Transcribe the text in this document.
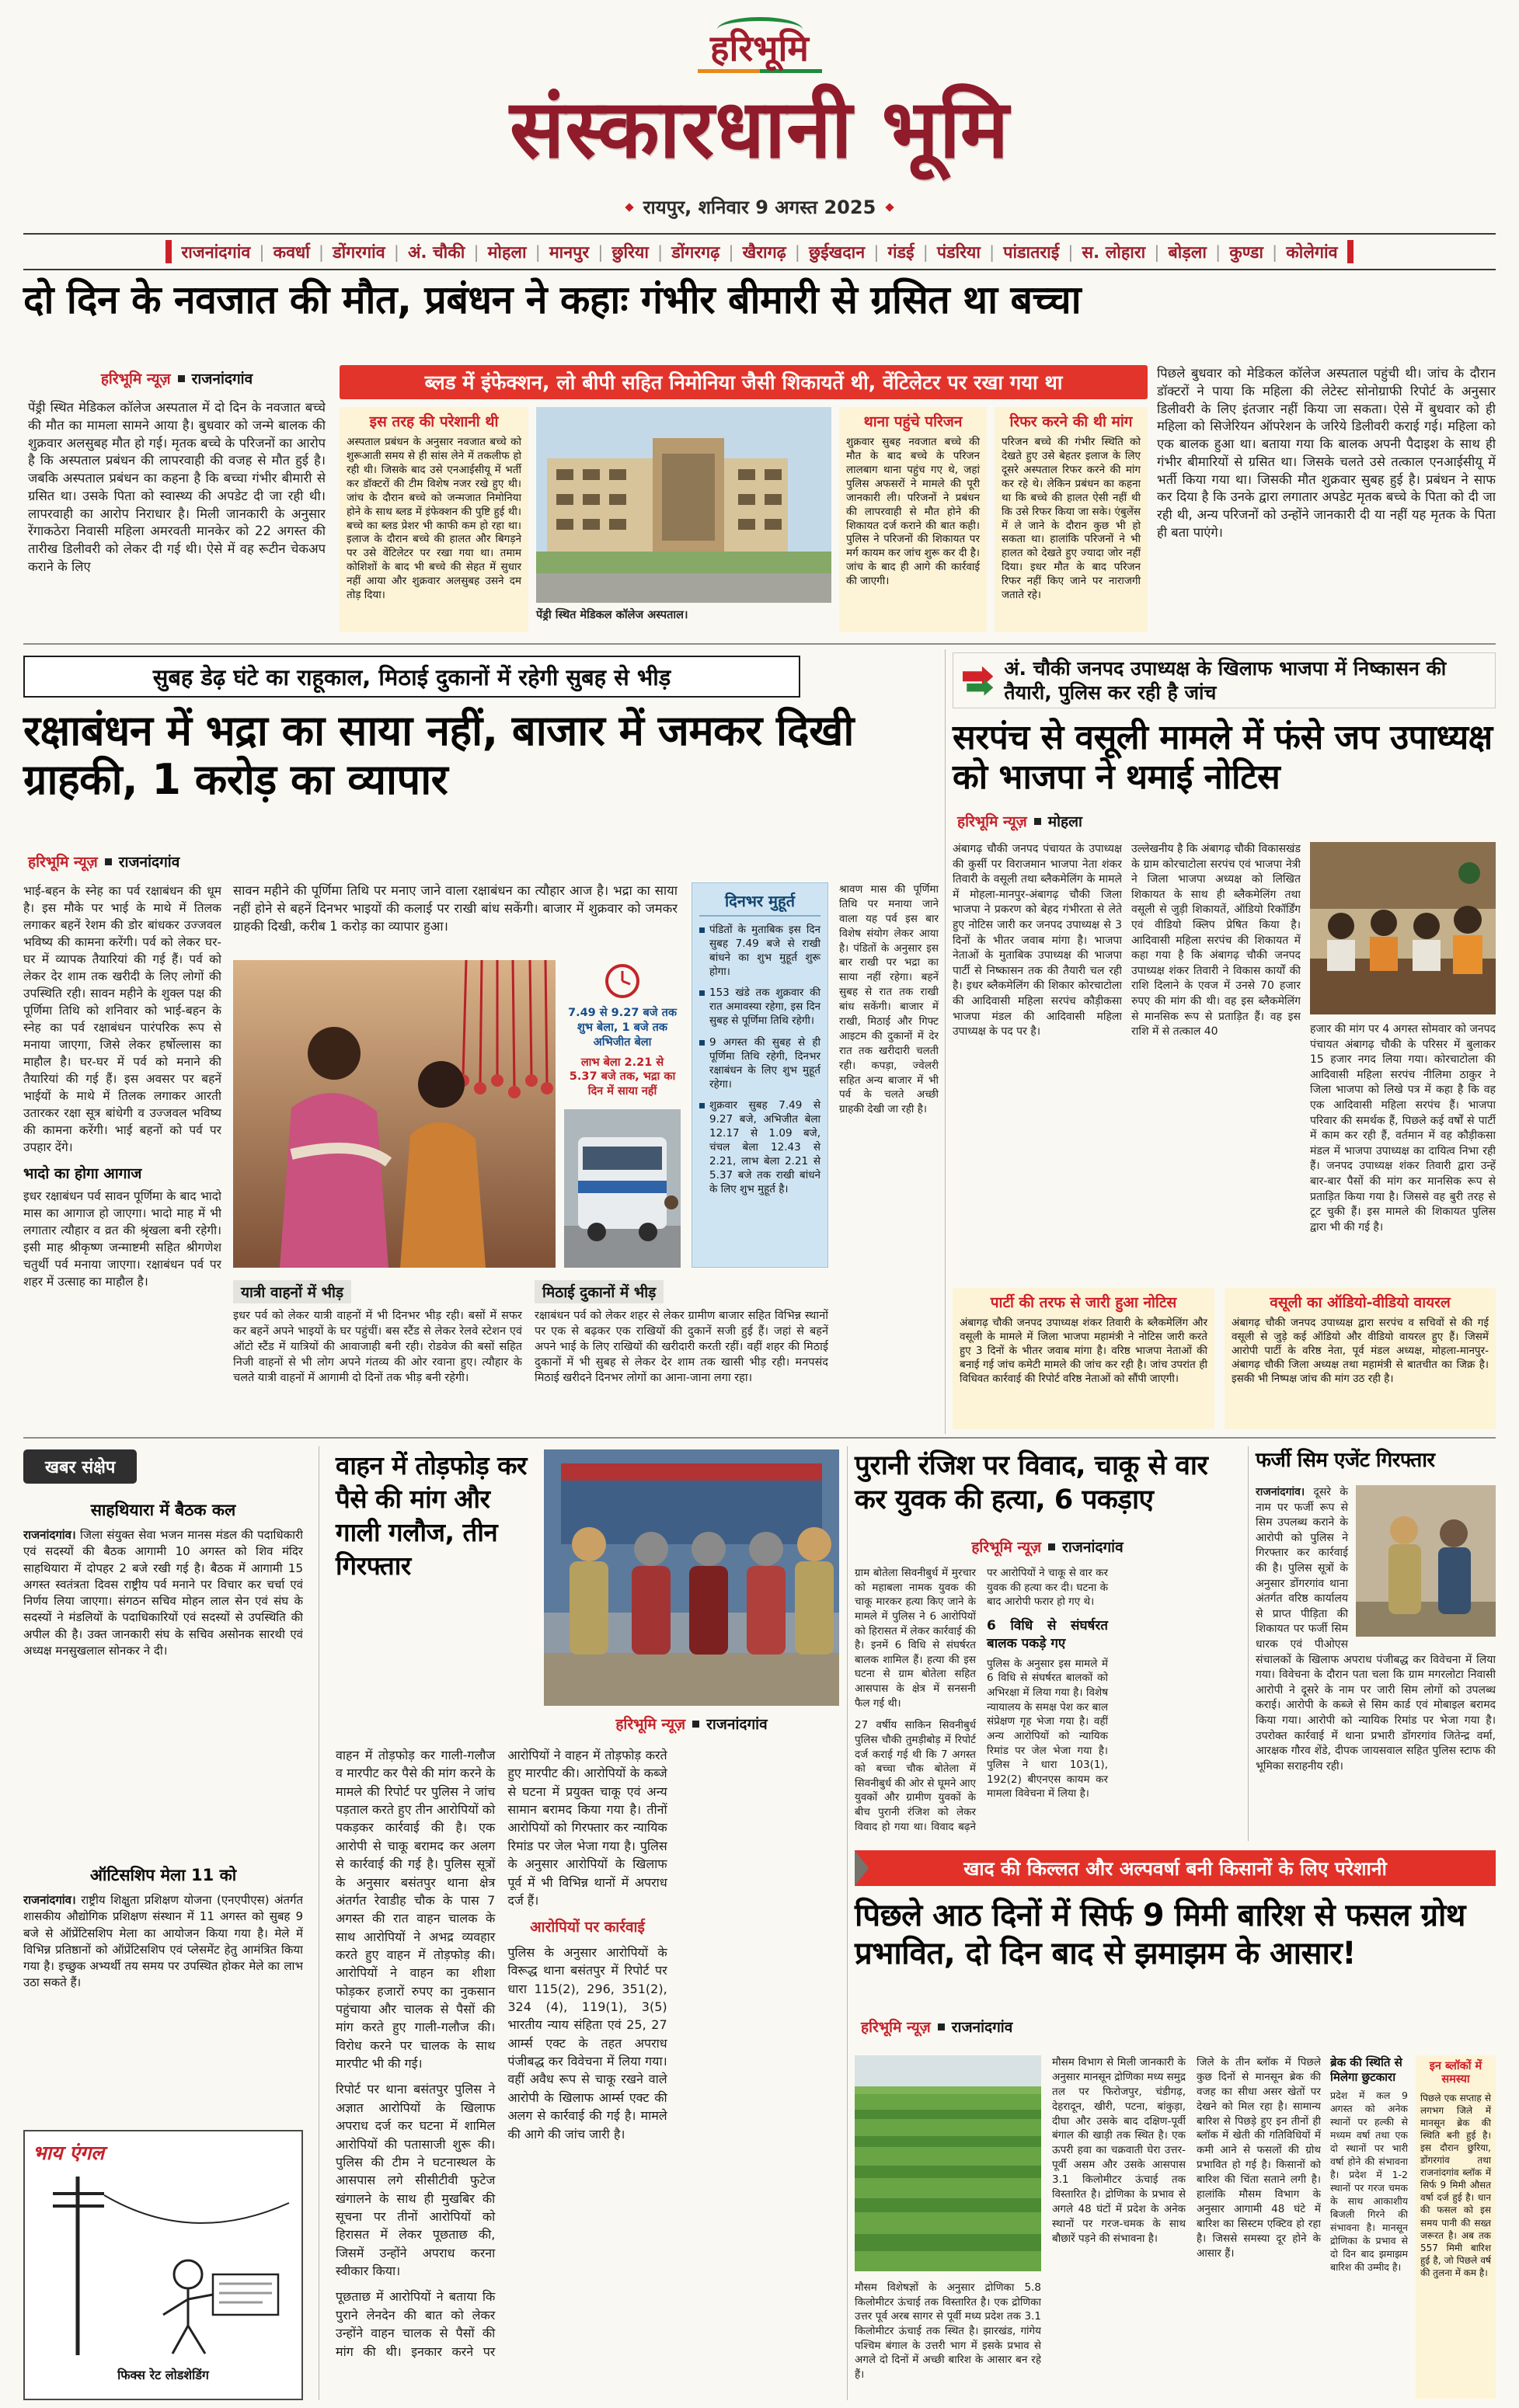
हरिभूमि
संस्कारधानी भूमि
रायपुर, शनिवार 9 अगस्त 2025
राजनांदगांव	| कवर्धा	| डोंगरगांव	| अं. चौकी	| मोहला	| मानपुर	| छुरिया	| डोंगरगढ़	| खैरागढ़	| छुईखदान	| गंडई	| पंडरिया	| पांडातराई	| स. लोहारा	| बोड़ला	| कुण्डा	| कोलेगांव
दो दिन के नवजात की मौत, प्रबंधन ने कहाः गंभीर बीमारी से ग्रसित था बच्चा
हरिभूमि न्यूज़ राजनांदगांव
पेंड्री स्थित मेडिकल कॉलेज अस्पताल में दो दिन के नवजात बच्चे की मौत का मामला सामने आया है। बुधवार को जन्मे बालक की शुक्रवार अलसुबह मौत हो गई। मृतक बच्चे के परिजनों का आरोप है कि अस्पताल प्रबंधन की लापरवाही की वजह से मौत हुई है। जबकि अस्पताल प्रबंधन का कहना है कि बच्चा गंभीर बीमारी से ग्रसित था। उसके पिता को स्वास्थ्य की अपडेट दी जा रही थी। लापरवाही का आरोप निराधार है। मिली जानकारी के अनुसार रेंगाकठेरा निवासी महिला अमरवती मानकेर को 22 अगस्त की तारीख डिलीवरी को लेकर दी गई थी। ऐसे में वह रूटीन चेकअप कराने के लिए
ब्लड में इंफेक्शन, लो बीपी सहित निमोनिया जैसी शिकायतें थी, वेंटिलेटर पर रखा गया था
इस तरह की परेशानी थी

अस्पताल प्रबंधन के अनुसार नवजात बच्चे को शुरूआती समय से ही सांस लेने में तकलीफ हो रही थी। जिसके बाद उसे एनआईसीयू में भर्ती कर डॉक्टरों की टीम विशेष नजर रखे हुए थी। जांच के दौरान बच्चे को जन्मजात निमोनिया होने के साथ ब्लड में इंफेक्शन की पुष्टि हुई थी। बच्चे का ब्लड प्रेशर भी काफी कम हो रहा था। इलाज के दौरान बच्चे की हालत और बिगड़ने पर उसे वेंटिलेटर पर रखा गया था। तमाम कोशिशों के बाद भी बच्चे की सेहत में सुधार नहीं आया और शुक्रवार अलसुबह उसने दम तोड़ दिया।

पेंड्री स्थित मेडिकल कॉलेज अस्पताल।
थाना पहुंचे परिजन

शुक्रवार सुबह नवजात बच्चे की मौत के बाद बच्चे के परिजन लालबाग थाना पहुंच गए थे, जहां पुलिस अफसरों ने मामले की पूरी जानकारी ली। परिजनों ने प्रबंधन की लापरवाही से मौत होने की शिकायत दर्ज कराने की बात कही। पुलिस ने परिजनों की शिकायत पर मर्ग कायम कर जांच शुरू कर दी है। जांच के बाद ही आगे की कार्रवाई की जाएगी।

रिफर करने की थी मांग

परिजन बच्चे की गंभीर स्थिति को देखते हुए उसे बेहतर इलाज के लिए दूसरे अस्पताल रिफर करने की मांग कर रहे थे। लेकिन प्रबंधन का कहना था कि बच्चे की हालत ऐसी नहीं थी कि उसे रिफर किया जा सके। एंबुलेंस में ले जाने के दौरान कुछ भी हो सकता था। हालांकि परिजनों ने भी हालत को देखते हुए ज्यादा जोर नहीं दिया। इधर मौत के बाद परिजन रिफर नहीं किए जाने पर नाराजगी जताते रहे।

पिछले बुधवार को मेडिकल कॉलेज अस्पताल पहुंची थी। जांच के दौरान डॉक्टरों ने पाया कि महिला की लेटेस्ट सोनोग्राफी रिपोर्ट के अनुसार डिलीवरी के लिए इंतजार नहीं किया जा सकता। ऐसे में बुधवार को ही महिला को सिजेरियन ऑपरेशन के जरिये डिलीवरी कराई गई। महिला को एक बालक हुआ था। बताया गया कि बालक अपनी पैदाइश के साथ ही गंभीर बीमारियों से ग्रसित था। जिसके चलते उसे तत्काल एनआईसीयू में भर्ती किया गया था। जिसकी मौत शुक्रवार सुबह हुई है। प्रबंधन ने साफ कर दिया है कि उनके द्वारा लगातार अपडेट मृतक बच्चे के पिता को दी जा रही थी, अन्य परिजनों को उन्होंने जानकारी दी या नहीं यह मृतक के पिता ही बता पाएंगे।
सुबह डेढ़ घंटे का राहूकाल, मिठाई दुकानों में रहेगी सुबह से भीड़
रक्षाबंधन में भद्रा का साया नहीं, बाजार में जमकर दिखी ग्राहकी, 1 करोड़ का व्यापार
हरिभूमि न्यूज़ राजनांदगांव

भाई-बहन के स्नेह का पर्व रक्षाबंधन की धूम है। इस मौके पर भाई के माथे में तिलक लगाकर बहनें रेशम की डोर बांधकर उज्जवल भविष्य की कामना करेंगी। पर्व को लेकर घर-घर में व्यापक तैयारियां की गई हैं। पर्व को लेकर देर शाम तक खरीदी के लिए लोगों की उपस्थिति रही। सावन महीने के शुक्ल पक्ष की पूर्णिमा तिथि को शनिवार को भाई-बहन के स्नेह का पर्व रक्षाबंधन पारंपरिक रूप से मनाया जाएगा, जिसे लेकर हर्षोल्लास का माहौल है। घर-घर में पर्व को मनाने की तैयारियां की गई हैं। इस अवसर पर बहनें भाईयों के माथे में तिलक लगाकर आरती उतारकर रक्षा सूत्र बांधेगी व उज्जवल भविष्य की कामना करेंगी। भाई बहनों को पर्व पर उपहार देंगे।

भादो का होगा आगाज

इधर रक्षाबंधन पर्व सावन पूर्णिमा के बाद भादो मास का आगाज हो जाएगा। भादो माह में भी लगातार त्यौहार व व्रत की श्रृंखला बनी रहेगी। इसी माह श्रीकृष्ण जन्माष्टमी सहित श्रीगणेश चतुर्थी पर्व मनाया जाएगा। रक्षाबंधन पर्व पर शहर में उत्साह का माहौल है।

सावन महीने की पूर्णिमा तिथि पर मनाए जाने वाला रक्षाबंधन का त्यौहार आज है। भद्रा का साया नहीं होने से बहनें दिनभर भाइयों की कलाई पर राखी बांध सकेंगी। बाजार में शुक्रवार को जमकर ग्राहकी दिखी, करीब 1 करोड़ का व्यापार हुआ।
7.49 से 9.27 बजे तक शुभ बेला, 1 बजे तक अभिजीत बेला
लाभ बेला 2.21 से 5.37 बजे तक, भद्रा का दिन में साया नहीं
दिनभर मुहूर्त
पंडितों के मुताबिक इस दिन सुबह 7.49 बजे से राखी बांधने का शुभ मुहूर्त शुरू होगा।
153 खंडे तक शुक्रवार की रात अमावस्या रहेगा, इस दिन सुबह से पूर्णिमा तिथि रहेगी।
9 अगस्त की सुबह से ही पूर्णिमा तिथि रहेगी, दिनभर रक्षाबंधन के लिए शुभ मुहूर्त रहेगा।
शुक्रवार सुबह 7.49 से 9.27 बजे, अभिजीत बेला 12.17 से 1.09 बजे, चंचल बेला 12.43 से 2.21, लाभ बेला 2.21 से 5.37 बजे तक राखी बांधने के लिए शुभ मुहूर्त है।
श्रावण मास की पूर्णिमा तिथि पर मनाया जाने वाला यह पर्व इस बार विशेष संयोग लेकर आया है। पंडितों के अनुसार इस बार राखी पर भद्रा का साया नहीं रहेगा। बहनें सुबह से रात तक राखी बांध सकेंगी। बाजार में राखी, मिठाई और गिफ्ट आइटम की दुकानों में देर रात तक खरीदारी चलती रही। कपड़ा, ज्वेलरी सहित अन्य बाजार में भी पर्व के चलते अच्छी ग्राहकी देखी जा रही है।
यात्री वाहनों में भीड़

इधर पर्व को लेकर यात्री वाहनों में भी दिनभर भीड़ रही। बसों में सफर कर बहनें अपने भाइयों के घर पहुंचीं। बस स्टैंड से लेकर रेलवे स्टेशन एवं ऑटो स्टैंड में यात्रियों की आवाजाही बनी रही। रोडवेज की बसों सहित निजी वाहनों से भी लोग अपने गंतव्य की ओर रवाना हुए। त्यौहार के चलते यात्री वाहनों में आगामी दो दिनों तक भीड़ बनी रहेगी।

मिठाई दुकानों में भीड़

रक्षाबंधन पर्व को लेकर शहर से लेकर ग्रामीण बाजार सहित विभिन्न स्थानों पर एक से बढ़कर एक राखियों की दुकानें सजी हुई हैं। जहां से बहनें अपने भाई के लिए राखियों की खरीदारी करती रहीं। वहीं शहर की मिठाई दुकानों में भी सुबह से लेकर देर शाम तक खासी भीड़ रही। मनपसंद मिठाई खरीदने दिनभर लोगों का आना-जाना लगा रहा।

अं. चौकी जनपद उपाध्यक्ष के खिलाफ भाजपा में निष्कासन की तैयारी, पुलिस कर रही है जांच
सरपंच से वसूली मामले में फंसे जप उपाध्यक्ष को भाजपा ने थमाई नोटिस
हरिभूमि न्यूज़ मोहला
अंबागढ़ चौकी जनपद पंचायत के उपाध्यक्ष की कुर्सी पर विराजमान भाजपा नेता शंकर तिवारी के वसूली तथा ब्लैकमेलिंग के मामले में मोहला-मानपुर-अंबागढ़ चौकी जिला भाजपा ने प्रकरण को बेहद गंभीरता से लेते हुए नोटिस जारी कर जनपद उपाध्यक्ष से 3 दिनों के भीतर जवाब मांगा है। भाजपा नेताओं के मुताबिक उपाध्यक्ष की भाजपा पार्टी से निष्कासन तक की तैयारी चल रही है। इधर ब्लैकमेलिंग की शिकार कोरचाटोला की आदिवासी महिला सरपंच कौड़ीकसा भाजपा मंडल की आदिवासी महिला उपाध्यक्ष के पद पर है।
उल्लेखनीय है कि अंबागढ़ चौकी विकासखंड के ग्राम कोरचाटोला सरपंच एवं भाजपा नेत्री ने जिला भाजपा अध्यक्ष को लिखित शिकायत के साथ ही ब्लैकमेलिंग तथा वसूली से जुड़ी शिकायतें, ऑडियो रिकॉर्डिंग एवं वीडियो क्लिप प्रेषित किया है। आदिवासी महिला सरपंच की शिकायत में कहा गया है कि अंबागढ़ चौकी जनपद उपाध्यक्ष शंकर तिवारी ने विकास कार्यों की राशि दिलाने के एवज में उनसे 70 हजार रुपए की मांग की थी। वह इस ब्लैकमेलिंग से मानसिक रूप से प्रताड़ित हैं। वह इस राशि में से तत्काल 40	हजार की मांग पर 4 अगस्त सोमवार को जनपद पंचायत अंबागढ़ चौकी के परिसर में बुलाकर 15 हजार नगद लिया गया। कोरचाटोला की आदिवासी महिला सरपंच नीलिमा ठाकुर ने जिला भाजपा को लिखे पत्र में कहा है कि वह एक आदिवासी महिला सरपंच हैं। भाजपा परिवार की समर्थक हैं, पिछले कई वर्षों से पार्टी में काम कर रही हैं, वर्तमान में वह कौड़ीकसा मंडल में भाजपा उपाध्यक्ष का दायित्व निभा रही हैं। जनपद उपाध्यक्ष शंकर तिवारी द्वारा उन्हें बार-बार पैसों की मांग कर मानसिक रूप से प्रताड़ित किया गया है। जिससे वह बुरी तरह से टूट चुकी हैं। इस मामले की शिकायत पुलिस द्वारा भी की गई है।
पार्टी की तरफ से जारी हुआ नोटिस

अंबागढ़ चौकी जनपद उपाध्यक्ष शंकर तिवारी के ब्लैकमेलिंग और वसूली के मामले में जिला भाजपा महामंत्री ने नोटिस जारी करते हुए 3 दिनों के भीतर जवाब मांगा है। वरिष्ठ भाजपा नेताओं की बनाई गई जांच कमेटी मामले की जांच कर रही है। जांच उपरांत ही विधिवत कार्रवाई की रिपोर्ट वरिष्ठ नेताओं को सौंपी जाएगी।

वसूली का ऑडियो-वीडियो वायरल

अंबागढ़ चौकी जनपद उपाध्यक्ष द्वारा सरपंच व सचिवों से की गई वसूली से जुड़े कई ऑडियो और वीडियो वायरल हुए हैं। जिसमें आरोपी पार्टी के वरिष्ठ नेता, पूर्व मंडल अध्यक्ष, मोहला-मानपुर-अंबागढ़ चौकी जिला अध्यक्ष तथा महामंत्री से बातचीत का जिक्र है। इसकी भी निष्पक्ष जांच की मांग उठ रही है।

खबर संक्षेप
साहथियारा में बैठक कल

राजनांदगांव। जिला संयुक्त सेवा भजन मानस मंडल की पदाधिकारी एवं सदस्यों की बैठक आगामी 10 अगस्त को शिव मंदिर साहथियारा में दोपहर 2 बजे रखी गई है। बैठक में आगामी 15 अगस्त स्वतंत्रता दिवस राष्ट्रीय पर्व मनाने पर विचार कर चर्चा एवं निर्णय लिया जाएगा। संगठन सचिव मोहन लाल सेन एवं संघ के सदस्यों ने मंडलियों के पदाधिकारियों एवं सदस्यों से उपस्थिति की अपील की है। उक्त जानकारी संघ के सचिव असोनक सारथी एवं अध्यक्ष मनसुखलाल सोनकर ने दी।

ऑटिसशिप मेला 11 को

राजनांदगांव। राष्ट्रीय शिक्षुता प्रशिक्षण योजना (एनएपीएस) अंतर्गत शासकीय औद्योगिक प्रशिक्षण संस्थान में 11 अगस्त को सुबह 9 बजे से ऑप्रेंटिसशिप मेला का आयोजन किया गया है। मेले में विभिन्न प्रतिष्ठानों को ऑप्रेंटिसशिप एवं प्लेसमेंट हेतु आमंत्रित किया गया है। इच्छुक अभ्यर्थी तय समय पर उपस्थित होकर मेले का लाभ उठा सकते हैं।

भाय एंगल
फिक्स रेट लोडशेडिंग
वाहन में तोड़फोड़ कर पैसे की मांग और गाली गलौज, तीन गिरफ्तार
हरिभूमि न्यूज़ राजनांदगांव

वाहन में तोड़फोड़ कर गाली-गलौज व मारपीट कर पैसे की मांग करने के मामले की रिपोर्ट पर पुलिस ने जांच पड़ताल करते हुए तीन आरोपियों को पकड़कर कार्रवाई की है। एक आरोपी से चाकू बरामद कर अलग से कार्रवाई की गई है। पुलिस सूत्रों के अनुसार बसंतपुर थाना क्षेत्र अंतर्गत रेवाडीह चौक के पास 7 अगस्त की रात वाहन चालक के साथ आरोपियों ने अभद्र व्यवहार करते हुए वाहन में तोड़फोड़ की। आरोपियों ने वाहन का शीशा फोड़कर हजारों रुपए का नुकसान पहुंचाया और चालक से पैसों की मांग करते हुए गाली-गलौज की। विरोध करने पर चालक के साथ मारपीट भी की गई।

रिपोर्ट पर थाना बसंतपुर पुलिस ने अज्ञात आरोपियों के खिलाफ अपराध दर्ज कर घटना में शामिल आरोपियों की पतासाजी शुरू की। पुलिस की टीम ने घटनास्थल के आसपास लगे सीसीटीवी फुटेज खंगालने के साथ ही मुखबिर की सूचना पर तीनों आरोपियों को हिरासत में लेकर पूछताछ की, जिसमें उन्होंने अपराध करना स्वीकार किया।

पूछताछ में आरोपियों ने बताया कि पुराने लेनदेन की बात को लेकर उन्होंने वाहन चालक से पैसों की मांग की थी। इनकार करने पर आरोपियों ने वाहन में तोड़फोड़ करते हुए मारपीट की। आरोपियों के कब्जे से घटना में प्रयुक्त चाकू एवं अन्य सामान बरामद किया गया है। तीनों आरोपियों को गिरफ्तार कर न्यायिक रिमांड पर जेल भेजा गया है। पुलिस के अनुसार आरोपियों के खिलाफ पूर्व में भी विभिन्न थानों में अपराध दर्ज हैं।

आरोपियों पर कार्रवाई

पुलिस के अनुसार आरोपियों के विरूद्ध थाना बसंतपुर में रिपोर्ट पर धारा 115(2), 296, 351(2), 324 (4), 119(1), 3(5) भारतीय न्याय संहिता एवं 25, 27 आर्म्स एक्ट के तहत अपराध पंजीबद्ध कर विवेचना में लिया गया। वहीं अवैध रूप से चाकू रखने वाले आरोपी के खिलाफ आर्म्स एक्ट की अलग से कार्रवाई की गई है। मामले की आगे की जांच जारी है।

पुरानी रंजिश पर विवाद, चाकू से वार कर युवक की हत्या, 6 पकड़ाए
हरिभूमि न्यूज़ राजनांदगांव

ग्राम बोतेला सिवनीबुर्ध में मुरचार को महाबला नामक युवक की चाकू मारकर हत्या किए जाने के मामले में पुलिस ने 6 आरोपियों को हिरासत में लेकर कार्रवाई की है। इनमें 6 विधि से संघर्षरत बालक शामिल हैं। हत्या की इस घटना से ग्राम बोतेला सहित आसपास के क्षेत्र में सनसनी फैल गई थी।

27 वर्षीय साकिन सिवनीबुर्ध पुलिस चौकी तुमड़ीबोड़ में रिपोर्ट दर्ज कराई गई थी कि 7 अगस्त को बच्चा चौक बोतेला में सिवनीबुर्ध की ओर से घूमने आए युवकों और ग्रामीण युवकों के बीच पुरानी रंजिश को लेकर विवाद हो गया था। विवाद बढ़ने पर आरोपियों ने चाकू से वार कर युवक की हत्या कर दी। घटना के बाद आरोपी फरार हो गए थे।

6 विधि से संघर्षरत बालक पकड़े गए

पुलिस के अनुसार इस मामले में 6 विधि से संघर्षरत बालकों को अभिरक्षा में लिया गया है। विशेष न्यायालय के समक्ष पेश कर बाल संप्रेक्षण गृह भेजा गया है। वहीं अन्य आरोपियों को न्यायिक रिमांड पर जेल भेजा गया है। पुलिस ने धारा 103(1), 192(2) बीएनएस कायम कर मामला विवेचना में लिया है।

फर्जी सिम एजेंट गिरफ्तार

राजनांदगांव। दूसरे के नाम पर फर्जी रूप से सिम उपलब्ध कराने के आरोपी को पुलिस ने गिरफ्तार कर कार्रवाई की है। पुलिस सूत्रों के अनुसार डोंगरगांव थाना अंतर्गत वरिष्ठ कार्यालय से प्राप्त पीड़िता की शिकायत पर फर्जी सिम धारक एवं पीओएस संचालकों के खिलाफ अपराध पंजीबद्ध कर विवेचना में लिया गया। विवेचना के दौरान पता चला कि ग्राम मगरलोटा निवासी आरोपी ने दूसरे के नाम पर जारी सिम लोगों को उपलब्ध कराई। आरोपी के कब्जे से सिम कार्ड एवं मोबाइल बरामद किया गया। आरोपी को न्यायिक रिमांड पर भेजा गया है। उपरोक्त कार्रवाई में थाना प्रभारी डोंगरगांव जितेन्द्र वर्मा, आरक्षक गौरव शेंडे, दीपक जायसवाल सहित पुलिस स्टाफ की भूमिका सराहनीय रही।

खाद की किल्लत और अल्पवर्षा बनी किसानों के लिए परेशानी
पिछले आठ दिनों में सिर्फ 9 मिमी बारिश से फसल ग्रोथ प्रभावित, दो दिन बाद से झमाझम के आसार!
हरिभूमि न्यूज़ राजनांदगांव
मौसम विशेषज्ञों के अनुसार द्रोणिका 5.8 किलोमीटर ऊंचाई तक विस्तारित है। एक द्रोणिका उत्तर पूर्व अरब सागर से पूर्वी मध्य प्रदेश तक 3.1 किलोमीटर ऊंचाई तक स्थित है। झारखंड, गांगेय पश्चिम बंगाल के उत्तरी भाग में इसके प्रभाव से अगले दो दिनों में अच्छी बारिश के आसार बन रहे हैं।
मौसम विभाग से मिली जानकारी के अनुसार मानसून द्रोणिका मध्य समुद्र तल पर फिरोजपुर, चंडीगढ़, देहरादून, खीरी, पटना, बांकुड़ा, दीघा और उसके बाद दक्षिण-पूर्वी बंगाल की खाड़ी तक स्थित है। एक ऊपरी हवा का चक्रवाती घेरा उत्तर-पूर्वी असम और उसके आसपास 3.1 किलोमीटर ऊंचाई तक विस्तारित है। द्रोणिका के प्रभाव से अगले 48 घंटों में प्रदेश के अनेक स्थानों पर गरज-चमक के साथ बौछारें पड़ने की संभावना है।
जिले के तीन ब्लॉक में पिछले कुछ दिनों से मानसून ब्रेक की वजह का सीधा असर खेतों पर देखने को मिल रहा है। सामान्य बारिश से पिछड़े हुए इन तीनों ही ब्लॉक में खेती की गतिविधियों में कमी आने से फसलों की ग्रोथ प्रभावित हो गई है। किसानों को बारिश की चिंता सताने लगी है। हालांकि मौसम विभाग के अनुसार आगामी 48 घंटे में बारिश का सिस्टम एक्टिव हो रहा है। जिससे समस्या दूर होने के आसार हैं।
ब्रेक की स्थिति से मिलेगा छुटकारा

प्रदेश में कल 9 अगस्त को अनेक स्थानों पर हल्की से मध्यम वर्षा तथा एक दो स्थानों पर भारी वर्षा होने की संभावना है। प्रदेश में 1-2 स्थानों पर गरज चमक के साथ आकाशीय बिजली गिरने की संभावना है। मानसून द्रोणिका के प्रभाव से दो दिन बाद झमाझम बारिश की उम्मीद है।

इन ब्लॉकों में समस्या

पिछले एक सप्ताह से लगभग जिले में मानसून ब्रेक की स्थिति बनी हुई है। इस दौरान छुरिया, डोंगरगांव तथा राजनांदगांव ब्लॉक में सिर्फ 9 मिमी औसत वर्षा दर्ज हुई है। धान की फसल को इस समय पानी की सख्त जरूरत है। अब तक 557 मिमी बारिश हुई है, जो पिछले वर्ष की तुलना में कम है।
